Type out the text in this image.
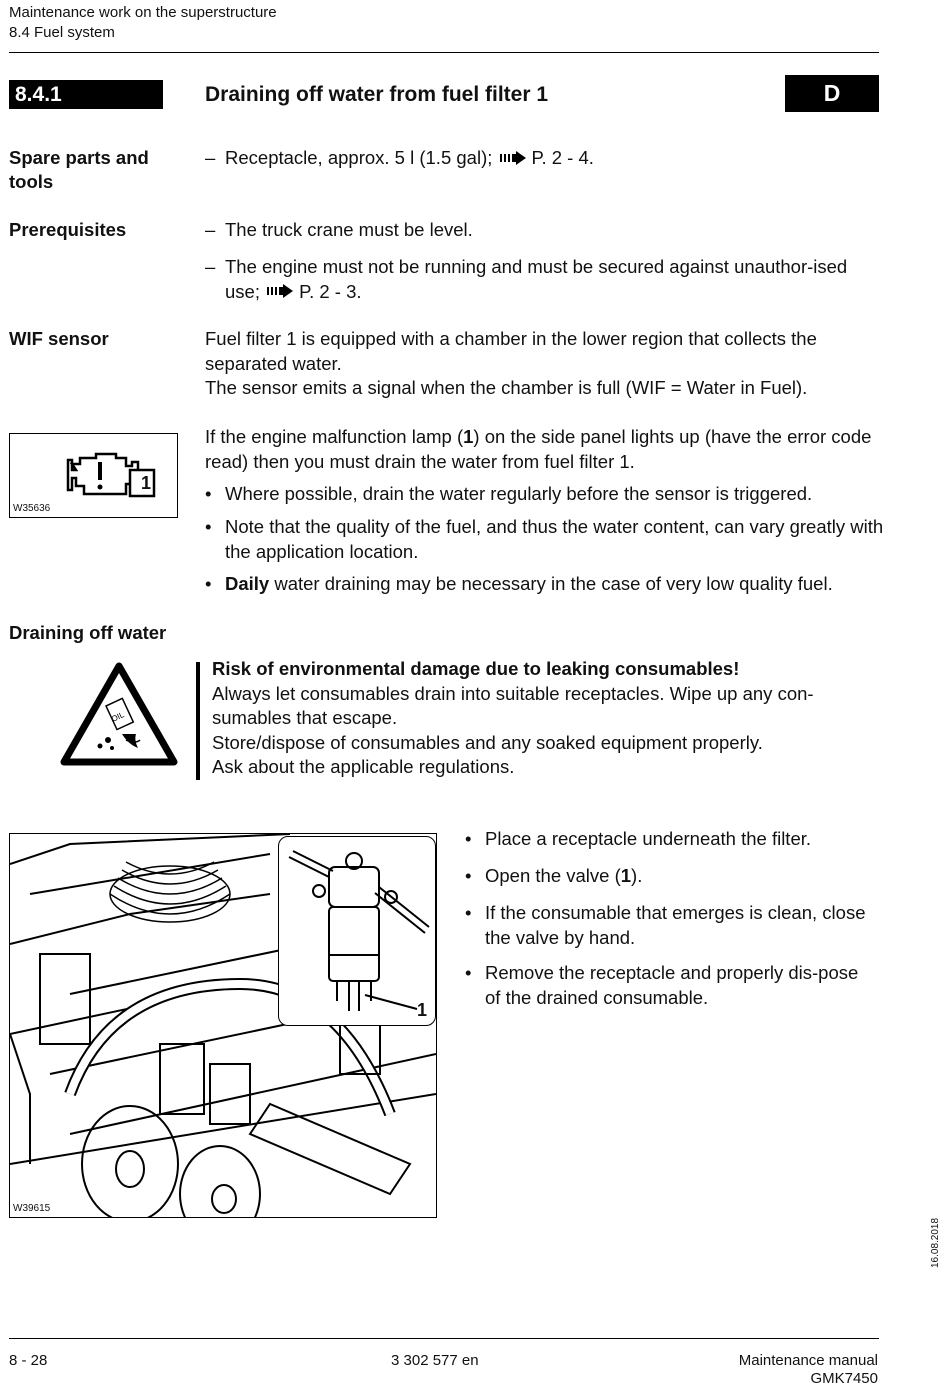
Maintenance work on the superstructure
8.4 Fuel system
8.4.1	Draining off water from fuel filter 1	D
Spare parts and tools
– Receptacle, approx. 5 l (1.5 gal); P. 2 - 4.
Prerequisites	– The truck crane must be level.
– The engine must not be running and must be secured against unauthor-ised use; P. 2 - 3.
WIF sensor	Fuel filter 1 is equipped with a chamber in the lower region that collects the separated water.
The sensor emits a signal when the chamber is full (WIF = Water in Fuel).
1
W35636
If the engine malfunction lamp (1) on the side panel lights up (have the error code read) then you must drain the water from fuel filter 1.
• Where possible, drain the water regularly before the sensor is triggered.
• Note that the quality of the fuel, and thus the water content, can vary greatly with the application location.
• Daily water draining may be necessary in the case of very low quality fuel.
Draining off water
OIL
Risk of environmental damage due to leaking consumables!
Always let consumables drain into suitable receptacles. Wipe up any con-sumables that escape.
Store/dispose of consumables and any soaked equipment properly.
Ask about the applicable regulations.
1
W39615
• Place a receptacle underneath the filter.
• Open the valve (1).
• If the consumable that emerges is clean, close the valve by hand.
• Remove the receptacle and properly dis-pose of the drained consumable.
16.08.2018
8 - 28	3 302 577 en	Maintenance manual
GMK7450
